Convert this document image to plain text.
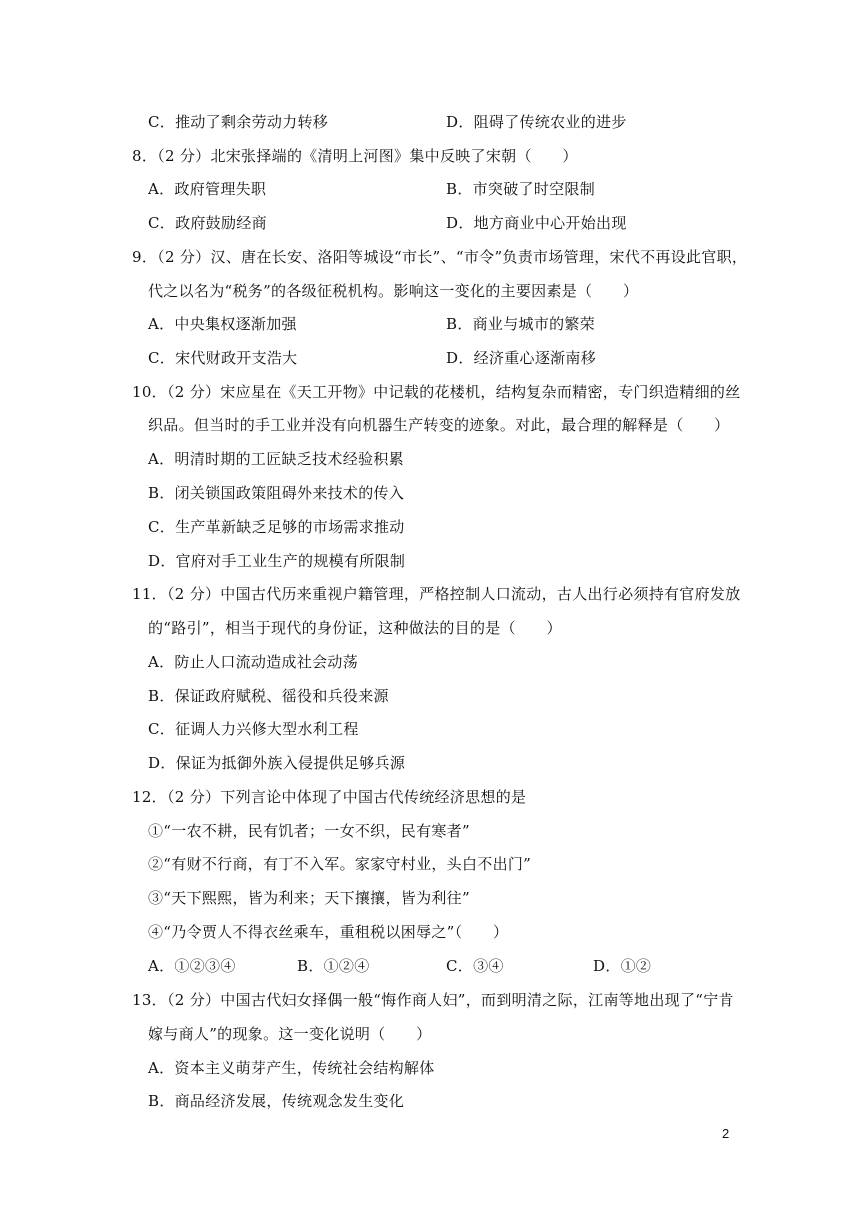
C．推动了剩余劳动力转移	D．阻碍了传统农业的进步
8．（2 分）北宋张择端的《清明上河图》集中反映了宋朝（　　）
A．政府管理失职	B．市突破了时空限制
C．政府鼓励经商	D．地方商业中心开始出现
9．（2 分）汉、唐在长安、洛阳等城设“市长”、“市令”负责市场管理，宋代不再设此官职，
代之以名为“税务”的各级征税机构。影响这一变化的主要因素是（　　）
A．中央集权逐渐加强	B．商业与城市的繁荣
C．宋代财政开支浩大	D．经济重心逐渐南移
10．（2 分）宋应星在《天工开物》中记载的花楼机，结构复杂而精密，专门织造精细的丝
织品。但当时的手工业并没有向机器生产转变的迹象。对此，最合理的解释是（　　）
A．明清时期的工匠缺乏技术经验积累
B．闭关锁国政策阻碍外来技术的传入
C．生产革新缺乏足够的市场需求推动
D．官府对手工业生产的规模有所限制
11．（2 分）中国古代历来重视户籍管理，严格控制人口流动，古人出行必须持有官府发放
的“路引”，相当于现代的身份证，这种做法的目的是（　　）
A．防止人口流动造成社会动荡
B．保证政府赋税、徭役和兵役来源
C．征调人力兴修大型水利工程
D．保证为抵御外族入侵提供足够兵源
12．（2 分）下列言论中体现了中国古代传统经济思想的是
①“一农不耕，民有饥者；一女不织，民有寒者”
②“有财不行商，有丁不入军。家家守村业，头白不出门”
③“天下熙熙，皆为利来；天下攘攘，皆为利往”
④“乃令贾人不得衣丝乘车，重租税以困辱之”（　　）
A．①②③④	B．①②④	C．③④	D．①②
13．（2 分）中国古代妇女择偶一般“悔作商人妇”，而到明清之际，江南等地出现了“宁肯
嫁与商人”的现象。这一变化说明（　　）
A．资本主义萌芽产生，传统社会结构解体
B．商品经济发展，传统观念发生变化
2
